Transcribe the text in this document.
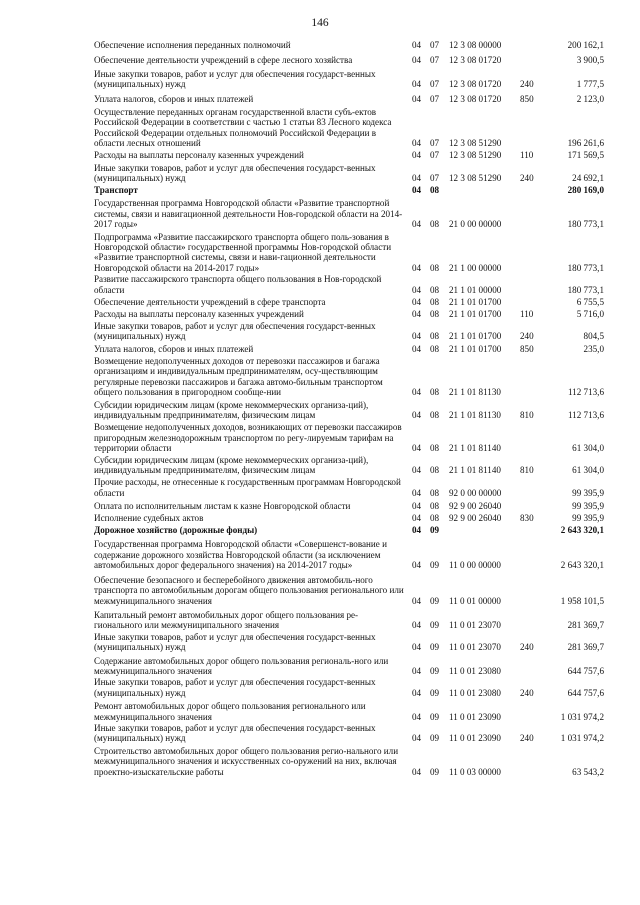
146
Обеспечение исполнения переданных полномочий	04 07 12 3 08 00000	200 162,1
Обеспечение деятельности учреждений в сфере лесного хозяйства	04 07 12 3 08 01720	3 900,5
Иные закупки товаров, работ и услуг для обеспечения государст-венных (муниципальных) нужд	04 07 12 3 08 01720 240	1 777,5
Уплата налогов, сборов и иных платежей	04 07 12 3 08 01720 850	2 123,0
Осуществление переданных органам государственной власти субъ-ектов Российской Федерации в соответствии с частью 1 статьи 83 Лесного кодекса Российской Федерации отдельных полномочий Российской Федерации в области лесных отношений	04 07 12 3 08 51290	196 261,6
Расходы на выплаты персоналу казенных учреждений	04 07 12 3 08 51290 110	171 569,5
Иные закупки товаров, работ и услуг для обеспечения государст-венных (муниципальных) нужд	04 07 12 3 08 51290 240	24 692,1
Транспорт	04 08	280 169,0
Государственная программа Новгородской области «Развитие транспортной системы, связи и навигационной деятельности Нов-городской области на 2014-2017 годы»	04 08 21 0 00 00000	180 773,1
Подпрограмма «Развитие пассажирского транспорта общего поль-зования в Новгородской области» государственной программы Нов-городской области «Развитие транспортной системы, связи и нави-гационной деятельности Новгородской области на 2014-2017 годы»	04 08 21 1 00 00000	180 773,1
Развитие пассажирского транспорта общего пользования в Нов-городской области	04 08 21 1 01 00000	180 773,1
Обеспечение деятельности учреждений в сфере транспорта	04 08 21 1 01 01700	6 755,5
Расходы на выплаты персоналу казенных учреждений	04 08 21 1 01 01700 110	5 716,0
Иные закупки товаров, работ и услуг для обеспечения государст-венных (муниципальных) нужд	04 08 21 1 01 01700 240	804,5
Уплата налогов, сборов и иных платежей	04 08 21 1 01 01700 850	235,0
Возмещение недополученных доходов от перевозки пассажиров и багажа организациям и индивидуальным предпринимателям, осу-ществляющим регулярные перевозки пассажиров и багажа автомо-бильным транспортом общего пользования в пригородном сообще-нии	04 08 21 1 01 81130	112 713,6
Субсидии юридическим лицам (кроме некоммерческих организа-ций), индивидуальным предпринимателям, физическим лицам	04 08 21 1 01 81130 810	112 713,6
Возмещение недополученных доходов, возникающих от перевозки пассажиров пригородным железнодорожным транспортом по регу-лируемым тарифам на территории области	04 08 21 1 01 81140	61 304,0
Субсидии юридическим лицам (кроме некоммерческих организа-ций), индивидуальным предпринимателям, физическим лицам	04 08 21 1 01 81140 810	61 304,0
Прочие расходы, не отнесенные к государственным программам Новгородской области	04 08 92 0 00 00000	99 395,9
Оплата по исполнительным листам к казне Новгородской области	04 08 92 9 00 26040	99 395,9
Исполнение судебных актов	04 08 92 9 00 26040 830	99 395,9
Дорожное хозяйство (дорожные фонды)	04 09	2 643 320,1
Государственная программа Новгородской области «Совершенст-вование и содержание дорожного хозяйства Новгородской области (за исключением автомобильных дорог федерального значения) на 2014-2017 годы»	04 09 11 0 00 00000	2 643 320,1
Обеспечение безопасного и бесперебойного движения автомобиль-ного транспорта по автомобильным дорогам общего пользования регионального или межмуниципального значения	04 09 11 0 01 00000	1 958 101,5
Капитальный ремонт автомобильных дорог общего пользования ре-гионального или межмуниципального значения	04 09 11 0 01 23070	281 369,7
Иные закупки товаров, работ и услуг для обеспечения государст-венных (муниципальных) нужд	04 09 11 0 01 23070 240	281 369,7
Содержание автомобильных дорог общего пользования региональ-ного или межмуниципального значения	04 09 11 0 01 23080	644 757,6
Иные закупки товаров, работ и услуг для обеспечения государст-венных (муниципальных) нужд	04 09 11 0 01 23080 240	644 757,6
Ремонт автомобильных дорог общего пользования регионального или межмуниципального значения	04 09 11 0 01 23090	1 031 974,2
Иные закупки товаров, работ и услуг для обеспечения государст-венных (муниципальных) нужд	04 09 11 0 01 23090 240	1 031 974,2
Строительство автомобильных дорог общего пользования регио-нального или межмуниципального значения и искусственных со-оружений на них, включая проектно-изыскательские работы	04 09 11 0 03 00000	63 543,2
